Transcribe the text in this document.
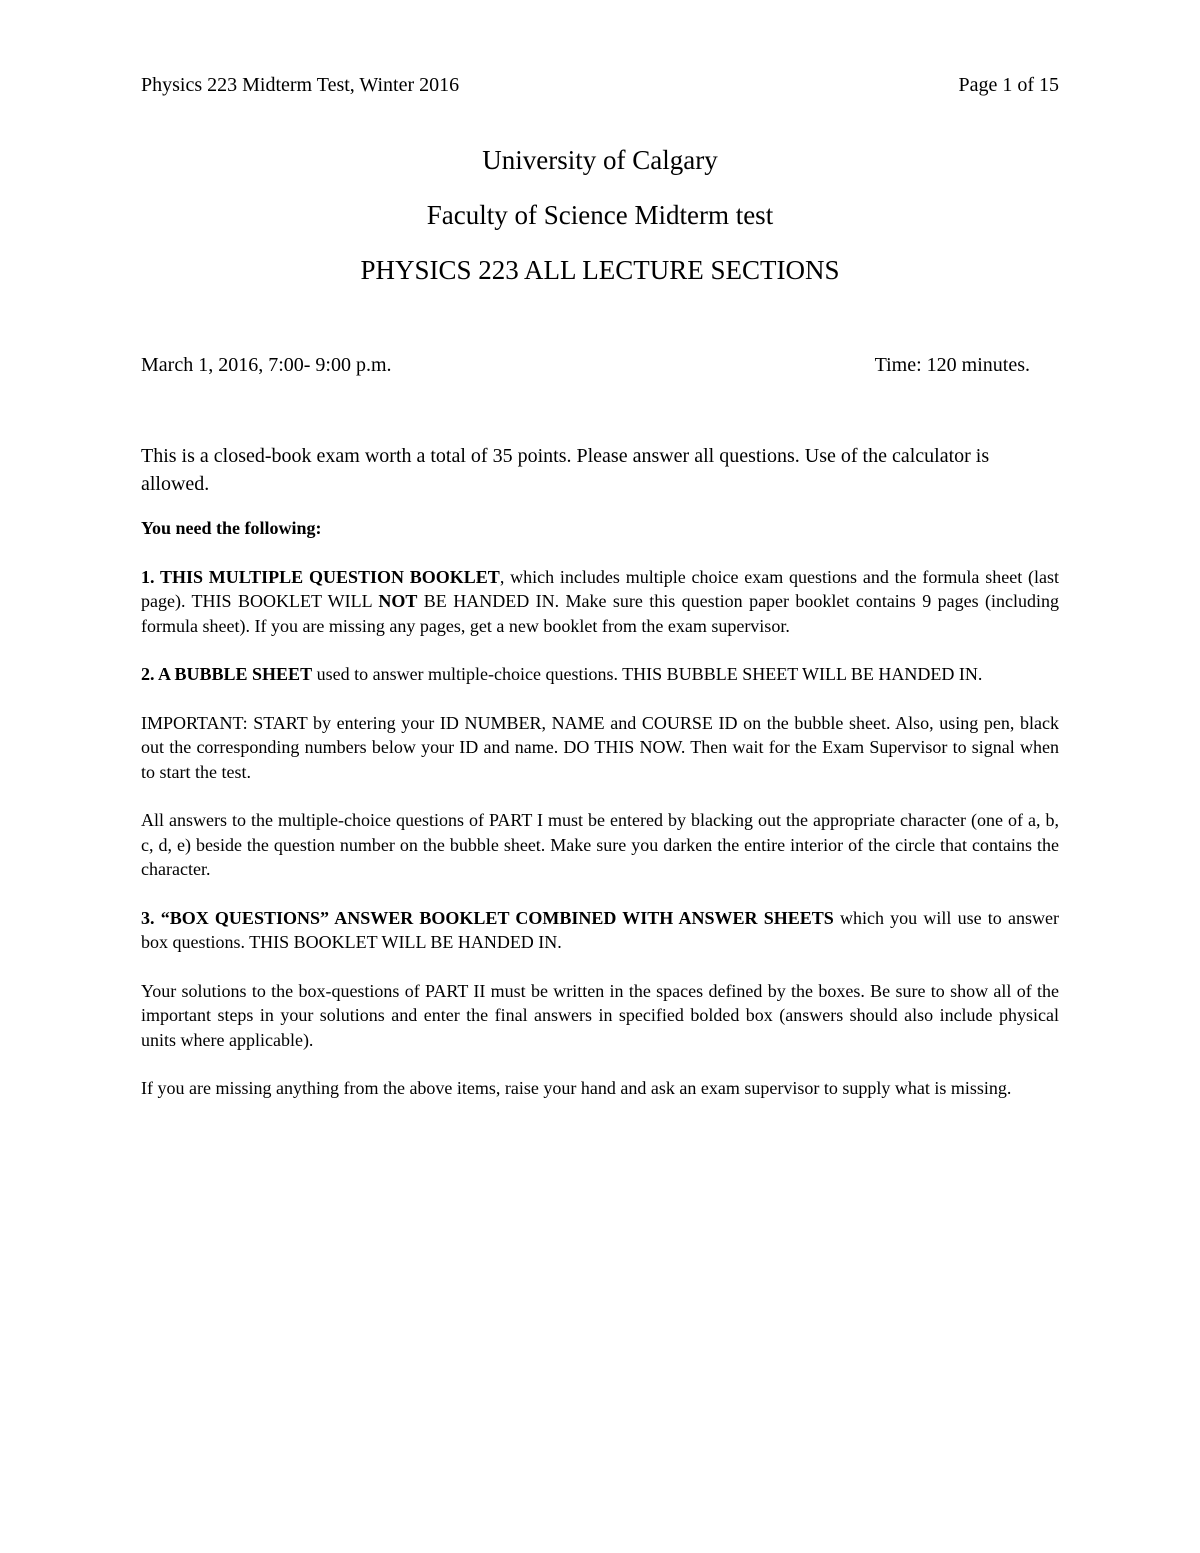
Physics 223 Midterm Test, Winter 2016	Page 1 of 15
University of Calgary
Faculty of Science Midterm test
PHYSICS 223 ALL LECTURE SECTIONS
March 1, 2016, 7:00- 9:00 p.m.	Time: 120 minutes.

This is a closed-book exam worth a total of 35 points. Please answer all questions. Use of the calculator is allowed.

You need the following:

1. THIS MULTIPLE QUESTION BOOKLET, which includes multiple choice exam questions and the formula sheet (last page). THIS BOOKLET WILL NOT BE HANDED IN. Make sure this question paper booklet contains 9 pages (including formula sheet). If you are missing any pages, get a new booklet from the exam supervisor.

2. A BUBBLE SHEET used to answer multiple-choice questions. THIS BUBBLE SHEET WILL BE HANDED IN.

IMPORTANT: START by entering your ID NUMBER, NAME and COURSE ID on the bubble sheet. Also, using pen, black out the corresponding numbers below your ID and name. DO THIS NOW. Then wait for the Exam Supervisor to signal when to start the test.

All answers to the multiple-choice questions of PART I must be entered by blacking out the appropriate character (one of a, b, c, d, e) beside the question number on the bubble sheet. Make sure you darken the entire interior of the circle that contains the character.

3. “BOX QUESTIONS” ANSWER BOOKLET COMBINED WITH ANSWER SHEETS which you will use to answer box questions. THIS BOOKLET WILL BE HANDED IN.

Your solutions to the box-questions of PART II must be written in the spaces defined by the boxes. Be sure to show all of the important steps in your solutions and enter the final answers in specified bolded box (answers should also include physical units where applicable).

If you are missing anything from the above items, raise your hand and ask an exam supervisor to supply what is missing.
